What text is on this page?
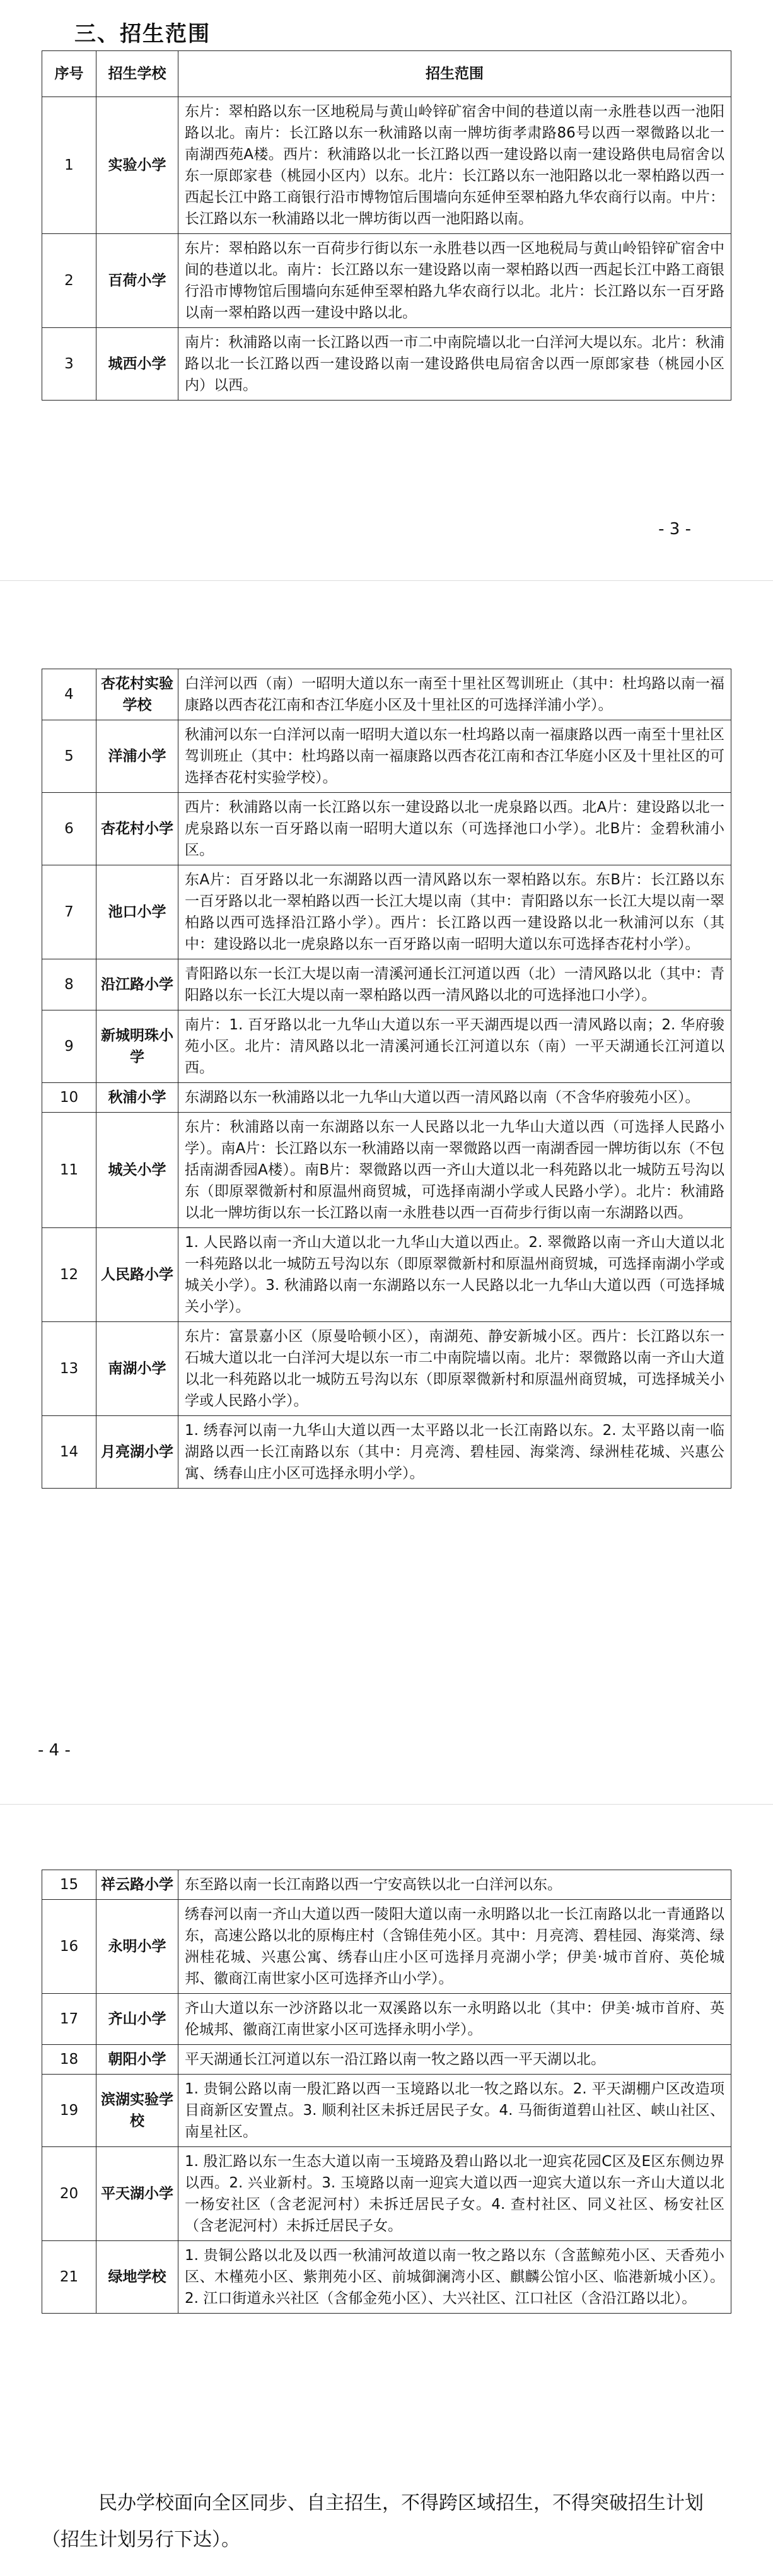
三、招生范围
序号	招生学校	招生范围
1	实验小学	东片：翠柏路以东一区地税局与黄山岭锌矿宿舍中间的巷道以南一永胜巷以西一池阳路以北。南片：长江路以东一秋浦路以南一牌坊街孝肃路86号以西一翠微路以北一南湖西苑A楼。西片：秋浦路以北一长江路以西一建设路以南一建设路供电局宿舍以东一原郎家巷（桃园小区内）以东。北片：长江路以东一池阳路以北一翠柏路以西一西起长江中路工商银行沿市博物馆后围墙向东延伸至翠柏路九华农商行以南。中片：长江路以东一秋浦路以北一牌坊街以西一池阳路以南。
2	百荷小学	东片：翠柏路以东一百荷步行街以东一永胜巷以西一区地税局与黄山岭铅锌矿宿舍中间的巷道以北。南片：长江路以东一建设路以南一翠柏路以西一西起长江中路工商银行沿市博物馆后围墙向东延伸至翠柏路九华农商行以北。北片：长江路以东一百牙路以南一翠柏路以西一建设中路以北。
3	城西小学	南片：秋浦路以南一长江路以西一市二中南院墙以北一白洋河大堤以东。北片：秋浦路以北一长江路以西一建设路以南一建设路供电局宿舍以西一原郎家巷（桃园小区内）以西。
- 3 -
4	杏花村实验学校	白洋河以西（南）一昭明大道以东一南至十里社区驾训班止（其中：杜坞路以南一福康路以西杏花江南和杏江华庭小区及十里社区的可选择洋浦小学）。
5	洋浦小学	秋浦河以东一白洋河以南一昭明大道以东一杜坞路以南一福康路以西一南至十里社区驾训班止（其中：杜坞路以南一福康路以西杏花江南和杏江华庭小区及十里社区的可选择杏花村实验学校）。
6	杏花村小学	西片：秋浦路以南一长江路以东一建设路以北一虎泉路以西。北A片：建设路以北一虎泉路以东一百牙路以南一昭明大道以东（可选择池口小学）。北B片：金碧秋浦小区。
7	池口小学	东A片：百牙路以北一东湖路以西一清风路以东一翠柏路以东。东B片：长江路以东一百牙路以北一翠柏路以西一长江大堤以南（其中：青阳路以东一长江大堤以南一翠柏路以西可选择沿江路小学）。西片：长江路以西一建设路以北一秋浦河以东（其中：建设路以北一虎泉路以东一百牙路以南一昭明大道以东可选择杏花村小学）。
8	沿江路小学	青阳路以东一长江大堤以南一清溪河通长江河道以西（北）一清风路以北（其中：青阳路以东一长江大堤以南一翠柏路以西一清风路以北的可选择池口小学）。
9	新城明珠小学	南片：1. 百牙路以北一九华山大道以东一平天湖西堤以西一清风路以南；2. 华府骏苑小区。北片：清风路以北一清溪河通长江河道以东（南）一平天湖通长江河道以西。
10	秋浦小学	东湖路以东一秋浦路以北一九华山大道以西一清风路以南（不含华府骏苑小区）。
11	城关小学	东片：秋浦路以南一东湖路以东一人民路以北一九华山大道以西（可选择人民路小学）。南A片：长江路以东一秋浦路以南一翠微路以西一南湖香园一牌坊街以东（不包括南湖香园A楼）。南B片：翠微路以西一齐山大道以北一科苑路以北一城防五号沟以东（即原翠微新村和原温州商贸城，可选择南湖小学或人民路小学）。北片：秋浦路以北一牌坊街以东一长江路以南一永胜巷以西一百荷步行街以南一东湖路以西。
12	人民路小学	1. 人民路以南一齐山大道以北一九华山大道以西止。2. 翠微路以南一齐山大道以北一科苑路以北一城防五号沟以东（即原翠微新村和原温州商贸城，可选择南湖小学或城关小学）。3. 秋浦路以南一东湖路以东一人民路以北一九华山大道以西（可选择城关小学）。
13	南湖小学	东片：富景嘉小区（原曼哈顿小区），南湖苑、静安新城小区。西片：长江路以东一石城大道以北一白洋河大堤以东一市二中南院墙以南。北片：翠微路以南一齐山大道以北一科苑路以北一城防五号沟以东（即原翠微新村和原温州商贸城，可选择城关小学或人民路小学）。
14	月亮湖小学	1. 绣春河以南一九华山大道以西一太平路以北一长江南路以东。2. 太平路以南一临湖路以西一长江南路以东（其中：月亮湾、碧桂园、海棠湾、绿洲桂花城、兴惠公寓、绣春山庄小区可选择永明小学）。
- 4 -
15	祥云路小学	东至路以南一长江南路以西一宁安高铁以北一白洋河以东。
16	永明小学	绣春河以南一齐山大道以西一陵阳大道以南一永明路以北一长江南路以北一青通路以东，高速公路以北的原梅庄村（含锦佳苑小区。其中：月亮湾、碧桂园、海棠湾、绿洲桂花城、兴惠公寓、绣春山庄小区可选择月亮湖小学；伊美·城市首府、英伦城邦、徽商江南世家小区可选择齐山小学）。
17	齐山小学	齐山大道以东一沙济路以北一双溪路以东一永明路以北（其中：伊美·城市首府、英伦城邦、徽商江南世家小区可选择永明小学）。
18	朝阳小学	平天湖通长江河道以东一沿江路以南一牧之路以西一平天湖以北。
19	滨湖实验学校	1. 贵铜公路以南一殷汇路以西一玉境路以北一牧之路以东。2. 平天湖棚户区改造项目商新区安置点。3. 顺利社区未拆迁居民子女。4. 马衙街道碧山社区、峡山社区、南星社区。
20	平天湖小学	1. 殷汇路以东一生态大道以南一玉境路及碧山路以北一迎宾花园C区及E区东侧边界以西。2. 兴业新村。3. 玉境路以南一迎宾大道以西一迎宾大道以东一齐山大道以北一杨安社区（含老泥河村）未拆迁居民子女。4. 查村社区、同义社区、杨安社区（含老泥河村）未拆迁居民子女。
21	绿地学校	1. 贵铜公路以北及以西一秋浦河故道以南一牧之路以东（含蓝鲸苑小区、天香苑小区、木槿苑小区、紫荆苑小区、前城御澜湾小区、麒麟公馆小区、临港新城小区）。2. 江口街道永兴社区（含郁金苑小区）、大兴社区、江口社区（含沿江路以北）。
民办学校面向全区同步、自主招生，不得跨区域招生，不得突破招生计划（招生计划另行下达）。
